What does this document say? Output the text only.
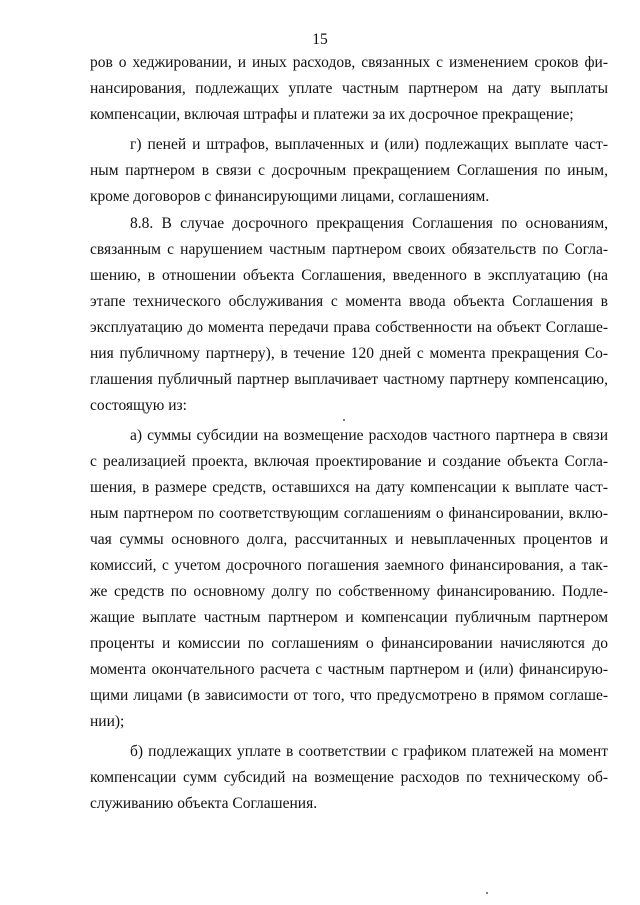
15
ров о хеджировании, и иных расходов, связанных с изменением сроков фи-
нансирования, подлежащих уплате частным партнером на дату выплаты
компенсации, включая штрафы и платежи за их досрочное прекращение;
г) пеней и штрафов, выплаченных и (или) подлежащих выплате част-
ным партнером в связи с досрочным прекращением Соглашения по иным,
кроме договоров с финансирующими лицами, соглашениям.
8.8. В случае досрочного прекращения Соглашения по основаниям,
связанным с нарушением частным партнером своих обязательств по Согла-
шению, в отношении объекта Соглашения, введенного в эксплуатацию (на
этапе технического обслуживания с момента ввода объекта Соглашения в
эксплуатацию до момента передачи права собственности на объект Соглаше-
ния публичному партнеру), в течение 120 дней с момента прекращения Со-
глашения публичный партнер выплачивает частному партнеру компенсацию,
состоящую из:
а) суммы субсидии на возмещение расходов частного партнера в связи
с реализацией проекта, включая проектирование и создание объекта Согла-
шения, в размере средств, оставшихся на дату компенсации к выплате част-
ным партнером по соответствующим соглашениям о финансировании, вклю-
чая суммы основного долга, рассчитанных и невыплаченных процентов и
комиссий, с учетом досрочного погашения заемного финансирования, а так-
же средств по основному долгу по собственному финансированию. Подле-
жащие выплате частным партнером и компенсации публичным партнером
проценты и комиссии по соглашениям о финансировании начисляются до
момента окончательного расчета с частным партнером и (или) финансирую-
щими лицами (в зависимости от того, что предусмотрено в прямом соглаше-
нии);
б) подлежащих уплате в соответствии с графиком платежей на момент
компенсации сумм субсидий на возмещение расходов по техническому об-
служиванию объекта Соглашения.
